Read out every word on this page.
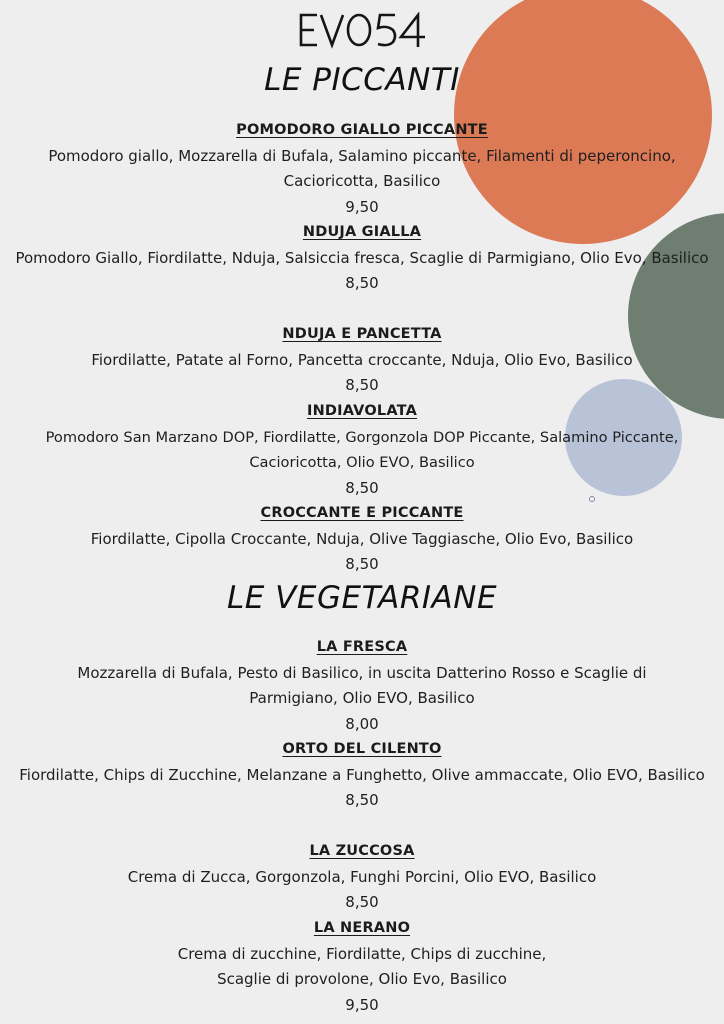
LE PICCANTI
POMODORO GIALLO PICCANTE
Pomodoro giallo, Mozzarella di Bufala, Salamino piccante, Filamenti di peperoncino, Cacioricotta, Basilico
9,50
NDUJA GIALLA
Pomodoro Giallo, Fiordilatte, Nduja, Salsiccia fresca, Scaglie di Parmigiano, Olio Evo, Basilico
8,50
NDUJA E PANCETTA
Fiordilatte, Patate al Forno, Pancetta croccante, Nduja, Olio Evo, Basilico
8,50
INDIAVOLATA
Pomodoro San Marzano DOP, Fiordilatte, Gorgonzola DOP Piccante, Salamino Piccante, Cacioricotta, Olio EVO, Basilico
8,50
CROCCANTE E PICCANTE
Fiordilatte, Cipolla Croccante, Nduja, Olive Taggiasche, Olio Evo, Basilico
8,50
LE VEGETARIANE
LA FRESCA
Mozzarella di Bufala, Pesto di Basilico, in uscita Datterino Rosso e Scaglie di Parmigiano, Olio EVO, Basilico
8,00
ORTO DEL CILENTO
Fiordilatte, Chips di Zucchine, Melanzane a Funghetto, Olive ammaccate, Olio EVO, Basilico
8,50
LA ZUCCOSA
Crema di Zucca, Gorgonzola, Funghi Porcini, Olio EVO, Basilico
8,50
LA NERANO
Crema di zucchine, Fiordilatte, Chips di zucchine, Scaglie di provolone, Olio Evo, Basilico
9,50
